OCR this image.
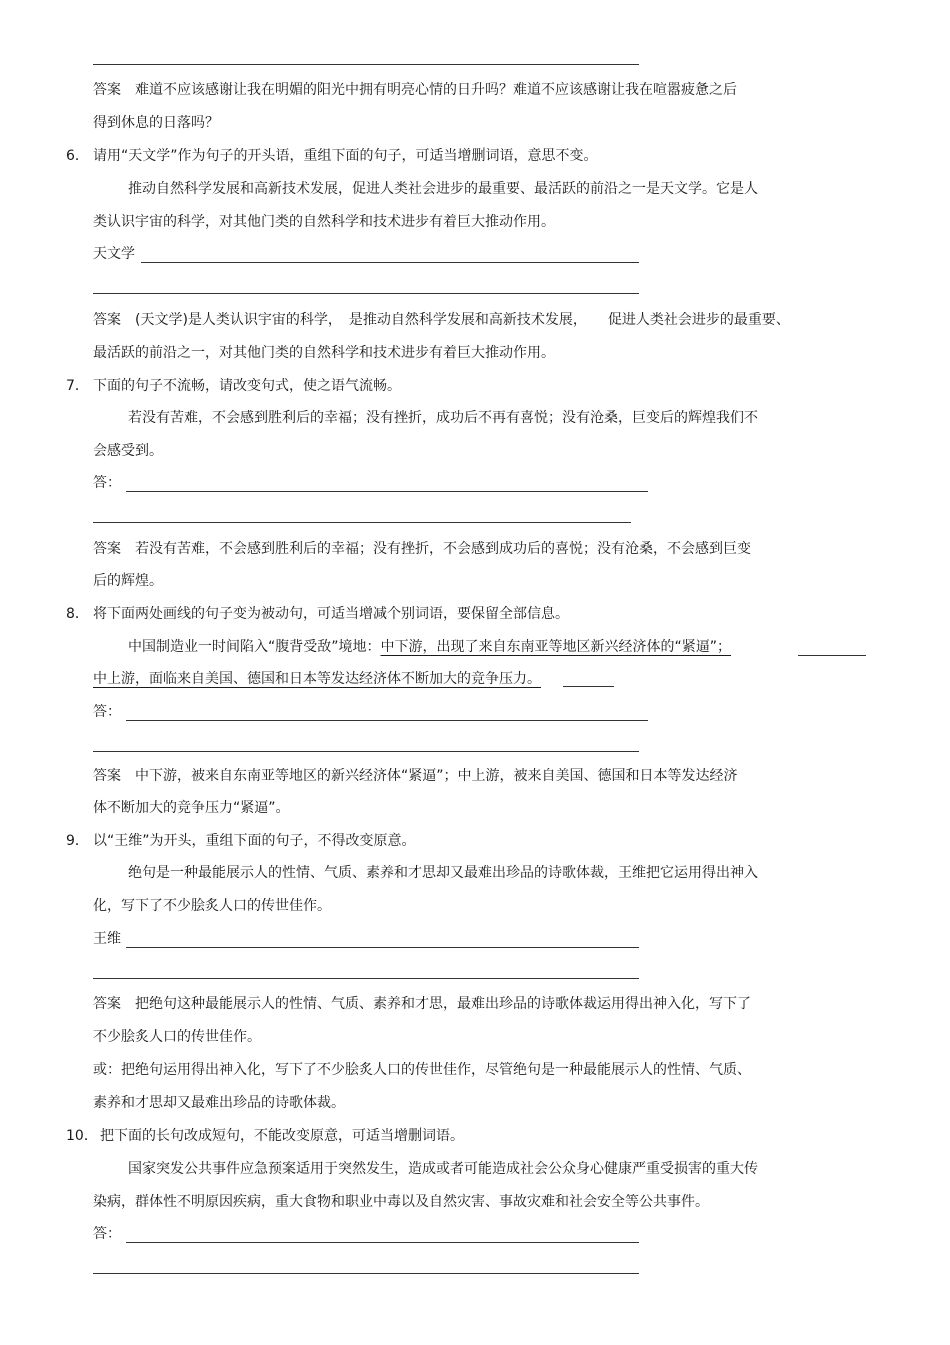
答案　难道不应该感谢让我在明媚的阳光中拥有明亮心情的日升吗？难道不应该感谢让我在喧嚣疲惫之后
得到休息的日落吗？
6． 请用“天文学”作为句子的开头语，重组下面的句子，可适当增删词语，意思不变。
推动自然科学发展和高新技术发展，促进人类社会进步的最重要、最活跃的前沿之一是天文学。它是人
类认识宇宙的科学，对其他门类的自然科学和技术进步有着巨大推动作用。
天文学
答案　(天文学)是人类认识宇宙的科学，　是推动自然科学发展和高新技术发展，　　促进人类社会进步的最重要、
最活跃的前沿之一，对其他门类的自然科学和技术进步有着巨大推动作用。
7． 下面的句子不流畅，请改变句式，使之语气流畅。
若没有苦难，不会感到胜利后的幸福；没有挫折，成功后不再有喜悦；没有沧桑，巨变后的辉煌我们不
会感受到。
答：
答案　若没有苦难，不会感到胜利后的幸福；没有挫折，不会感到成功后的喜悦；没有沧桑，不会感到巨变
后的辉煌。
8． 将下面两处画线的句子变为被动句，可适当增减个别词语，要保留全部信息。
中国制造业一时间陷入“腹背受敌”境地：中下游，出现了来自东南亚等地区新兴经济体的“紧逼”；
中上游，面临来自美国、德国和日本等发达经济体不断加大的竞争压力。
答：
答案　中下游，被来自东南亚等地区的新兴经济体“紧逼”；中上游，被来自美国、德国和日本等发达经济
体不断加大的竞争压力“紧逼”。
9． 以“王维”为开头，重组下面的句子，不得改变原意。
绝句是一种最能展示人的性情、气质、素养和才思却又最难出珍品的诗歌体裁，王维把它运用得出神入
化，写下了不少脍炙人口的传世佳作。
王维
答案　把绝句这种最能展示人的性情、气质、素养和才思，最难出珍品的诗歌体裁运用得出神入化，写下了
不少脍炙人口的传世佳作。
或：把绝句运用得出神入化，写下了不少脍炙人口的传世佳作，尽管绝句是一种最能展示人的性情、气质、
素养和才思却又最难出珍品的诗歌体裁。
10． 把下面的长句改成短句，不能改变原意，可适当增删词语。
国家突发公共事件应急预案适用于突然发生，造成或者可能造成社会公众身心健康严重受损害的重大传
染病，群体性不明原因疾病，重大食物和职业中毒以及自然灾害、事故灾难和社会安全等公共事件。
答：
